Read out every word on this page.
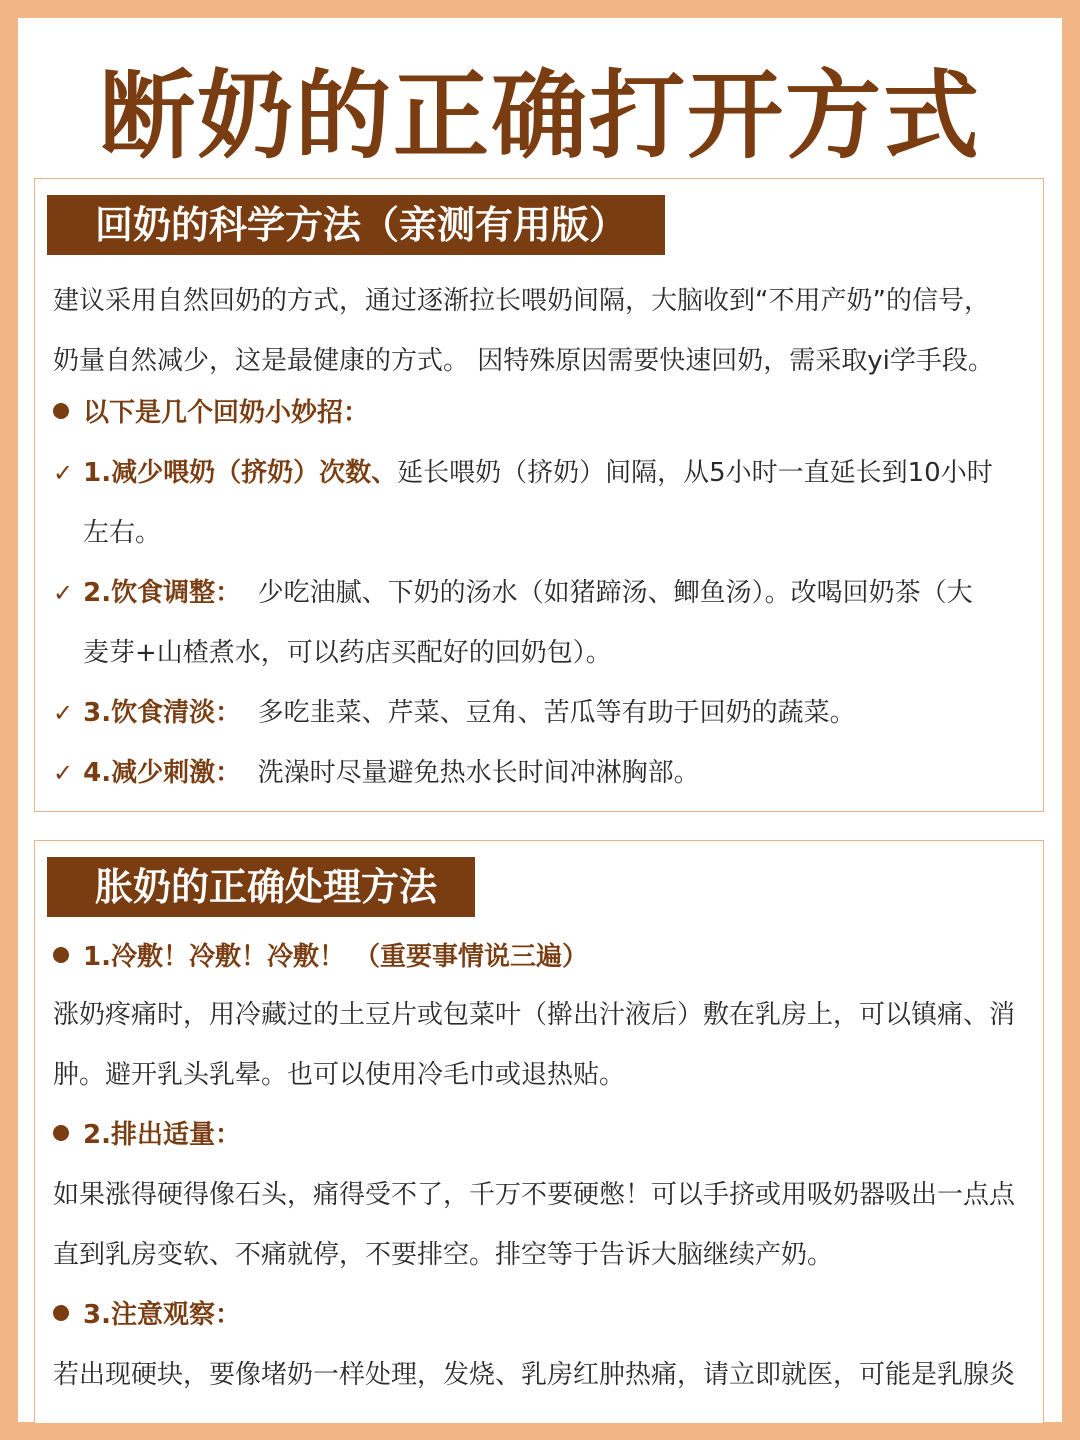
断奶的正确打开方式
回奶的科学方法（亲测有用版）
建议采用自然回奶的方式，通过逐渐拉长喂奶间隔，大脑收到“不用产奶”的信号，
奶量自然减少，这是最健康的方式。 因特殊原因需要快速回奶，需采取yi学手段。
以下是几个回奶小妙招：
✓ 1.减少喂奶（挤奶）次数、延长喂奶（挤奶）间隔，从5小时一直延长到10小时
左右。
✓ 2.饮食调整： 少吃油腻、下奶的汤水（如猪蹄汤、鲫鱼汤）。改喝回奶茶（大
麦芽+山楂煮水，可以药店买配好的回奶包）。
✓ 3.饮食清淡： 多吃韭菜、芹菜、豆角、苦瓜等有助于回奶的蔬菜。
✓ 4.减少刺激： 洗澡时尽量避免热水长时间冲淋胸部。
胀奶的正确处理方法
1.冷敷！冷敷！冷敷！ （重要事情说三遍）
涨奶疼痛时，用冷藏过的土豆片或包菜叶（擀出汁液后）敷在乳房上，可以镇痛、消
肿。避开乳头乳晕。也可以使用冷毛巾或退热贴。
2.排出适量：
如果涨得硬得像石头，痛得受不了，千万不要硬憋！可以手挤或用吸奶器吸出一点点
直到乳房变软、不痛就停，不要排空。排空等于告诉大脑继续产奶。
3.注意观察：
若出现硬块，要像堵奶一样处理，发烧、乳房红肿热痛，请立即就医，可能是乳腺炎
